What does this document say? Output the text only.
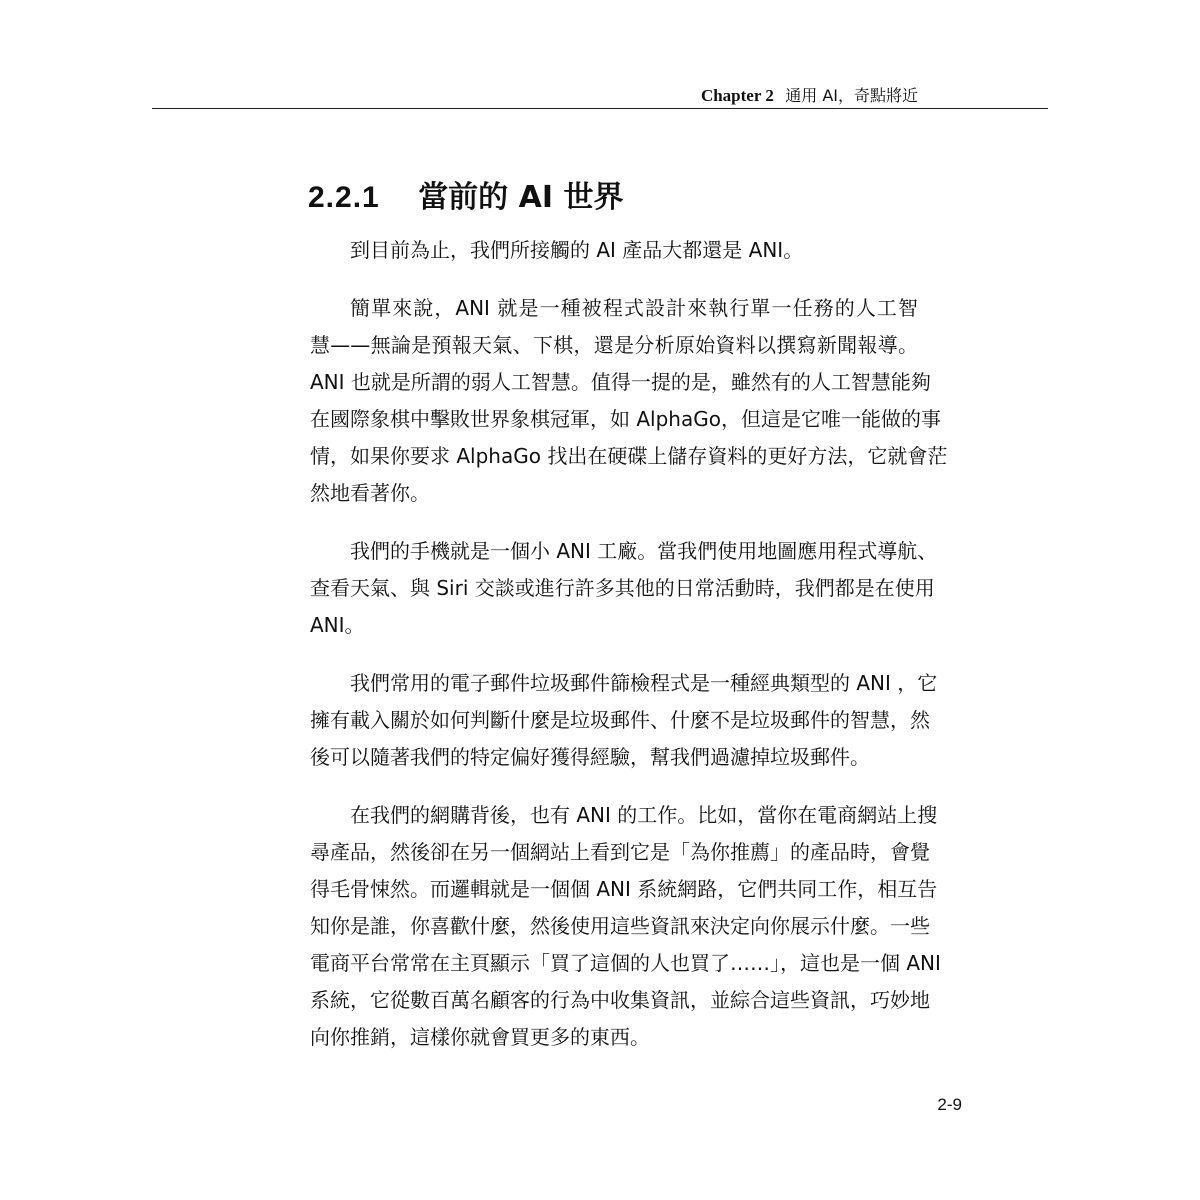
Chapter 2 通用 AI，奇點將近
2.2.1 當前的 AI 世界

到目前為止，我們所接觸的 AI 產品大都還是 ANI。

簡單來說，ANI 就是一種被程式設計來執行單一任務的人工智
慧——無論是預報天氣、下棋，還是分析原始資料以撰寫新聞報導。
ANI 也就是所謂的弱人工智慧。值得一提的是，雖然有的人工智慧能夠
在國際象棋中擊敗世界象棋冠軍，如 AlphaGo，但這是它唯一能做的事
情，如果你要求 AlphaGo 找出在硬碟上儲存資料的更好方法，它就會茫
然地看著你。

我們的手機就是一個小 ANI 工廠。當我們使用地圖應用程式導航、
查看天氣、與 Siri 交談或進行許多其他的日常活動時，我們都是在使用
ANI。

我們常用的電子郵件垃圾郵件篩檢程式是一種經典類型的 ANI ，它
擁有載入關於如何判斷什麼是垃圾郵件、什麼不是垃圾郵件的智慧，然
後可以隨著我們的特定偏好獲得經驗，幫我們過濾掉垃圾郵件。

在我們的網購背後，也有 ANI 的工作。比如，當你在電商網站上搜
尋產品，然後卻在另一個網站上看到它是「為你推薦」的產品時，會覺
得毛骨悚然。而邏輯就是一個個 ANI 系統網路，它們共同工作，相互告
知你是誰，你喜歡什麼，然後使用這些資訊來決定向你展示什麼。一些
電商平台常常在主頁顯示「買了這個的人也買了……」，這也是一個 ANI
系統，它從數百萬名顧客的行為中收集資訊，並綜合這些資訊，巧妙地
向你推銷，這樣你就會買更多的東西。

2-9
